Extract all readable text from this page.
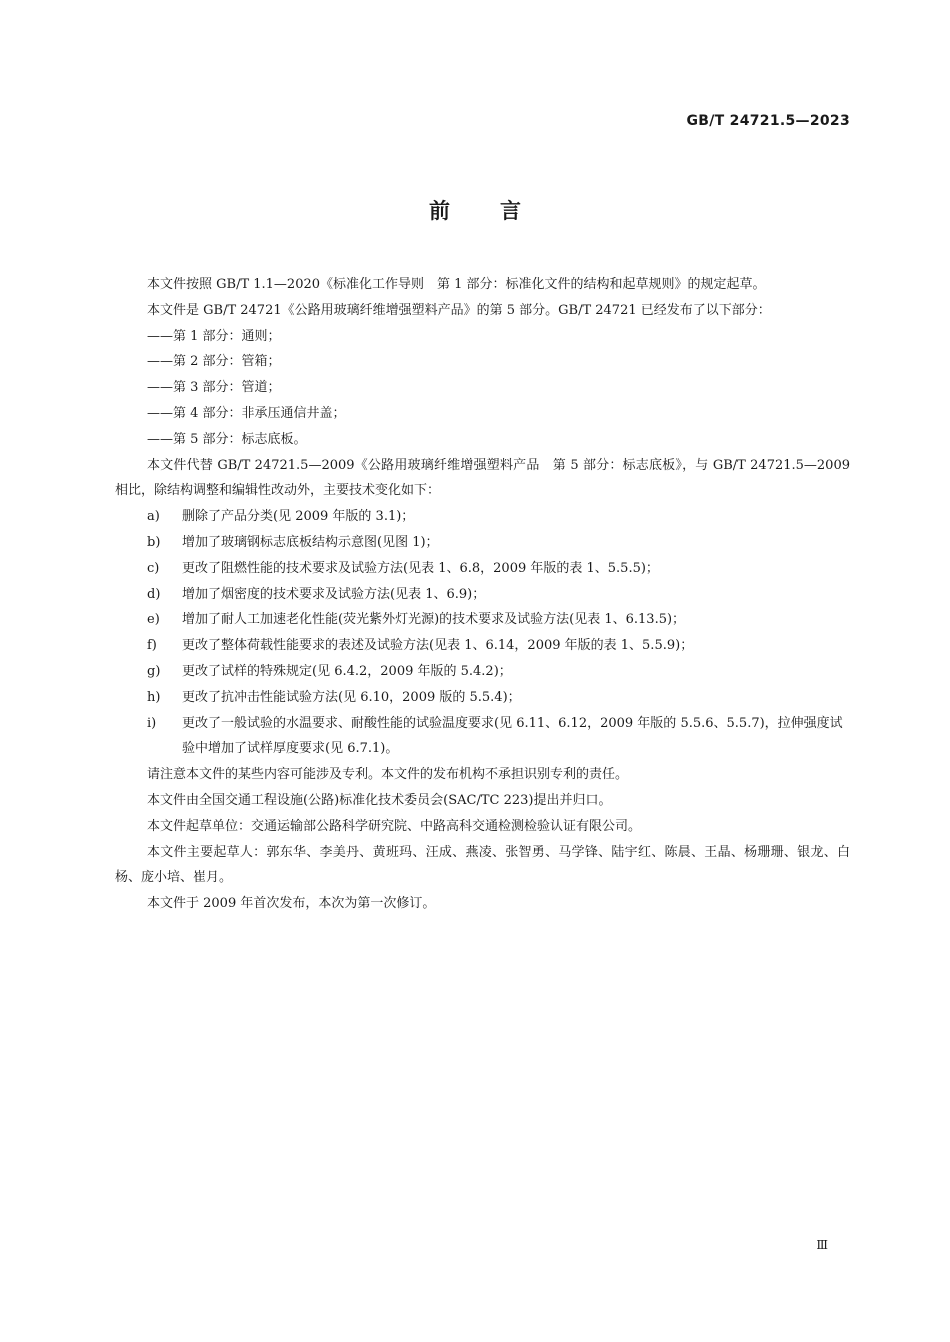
GB/T 24721.5—2023
前言
本文件按照 GB/T 1.1—2020《标准化工作导则　第 1 部分：标准化文件的结构和起草规则》的规定起草。
本文件是 GB/T 24721《公路用玻璃纤维增强塑料产品》的第 5 部分。GB/T 24721 已经发布了以下部分：
——第 1 部分：通则；
——第 2 部分：管箱；
——第 3 部分：管道；
——第 4 部分：非承压通信井盖；
——第 5 部分：标志底板。
本文件代替 GB/T 24721.5—2009《公路用玻璃纤维增强塑料产品　第 5 部分：标志底板》，与 GB/T 24721.5—2009 相比，除结构调整和编辑性改动外，主要技术变化如下：
a) 删除了产品分类(见 2009 年版的 3.1)；
b) 增加了玻璃钢标志底板结构示意图(见图 1)；
c) 更改了阻燃性能的技术要求及试验方法(见表 1、6.8，2009 年版的表 1、5.5.5)；
d) 增加了烟密度的技术要求及试验方法(见表 1、6.9)；
e) 增加了耐人工加速老化性能(荧光紫外灯光源)的技术要求及试验方法(见表 1、6.13.5)；
f) 更改了整体荷载性能要求的表述及试验方法(见表 1、6.14，2009 年版的表 1、5.5.9)；
g) 更改了试样的特殊规定(见 6.4.2，2009 年版的 5.4.2)；
h) 更改了抗冲击性能试验方法(见 6.10，2009 版的 5.5.4)；
i) 更改了一般试验的水温要求、耐酸性能的试验温度要求(见 6.11、6.12，2009 年版的 5.5.6、5.5.7)，拉伸强度试验中增加了试样厚度要求(见 6.7.1)。
请注意本文件的某些内容可能涉及专利。本文件的发布机构不承担识别专利的责任。
本文件由全国交通工程设施(公路)标准化技术委员会(SAC/TC 223)提出并归口。
本文件起草单位：交通运输部公路科学研究院、中路高科交通检测检验认证有限公司。
本文件主要起草人：郭东华、李美丹、黄班玛、汪成、燕凌、张智勇、马学锋、陆宇红、陈晨、王晶、杨珊珊、银龙、白杨、庞小培、崔月。
本文件于 2009 年首次发布，本次为第一次修订。
Ⅲ
